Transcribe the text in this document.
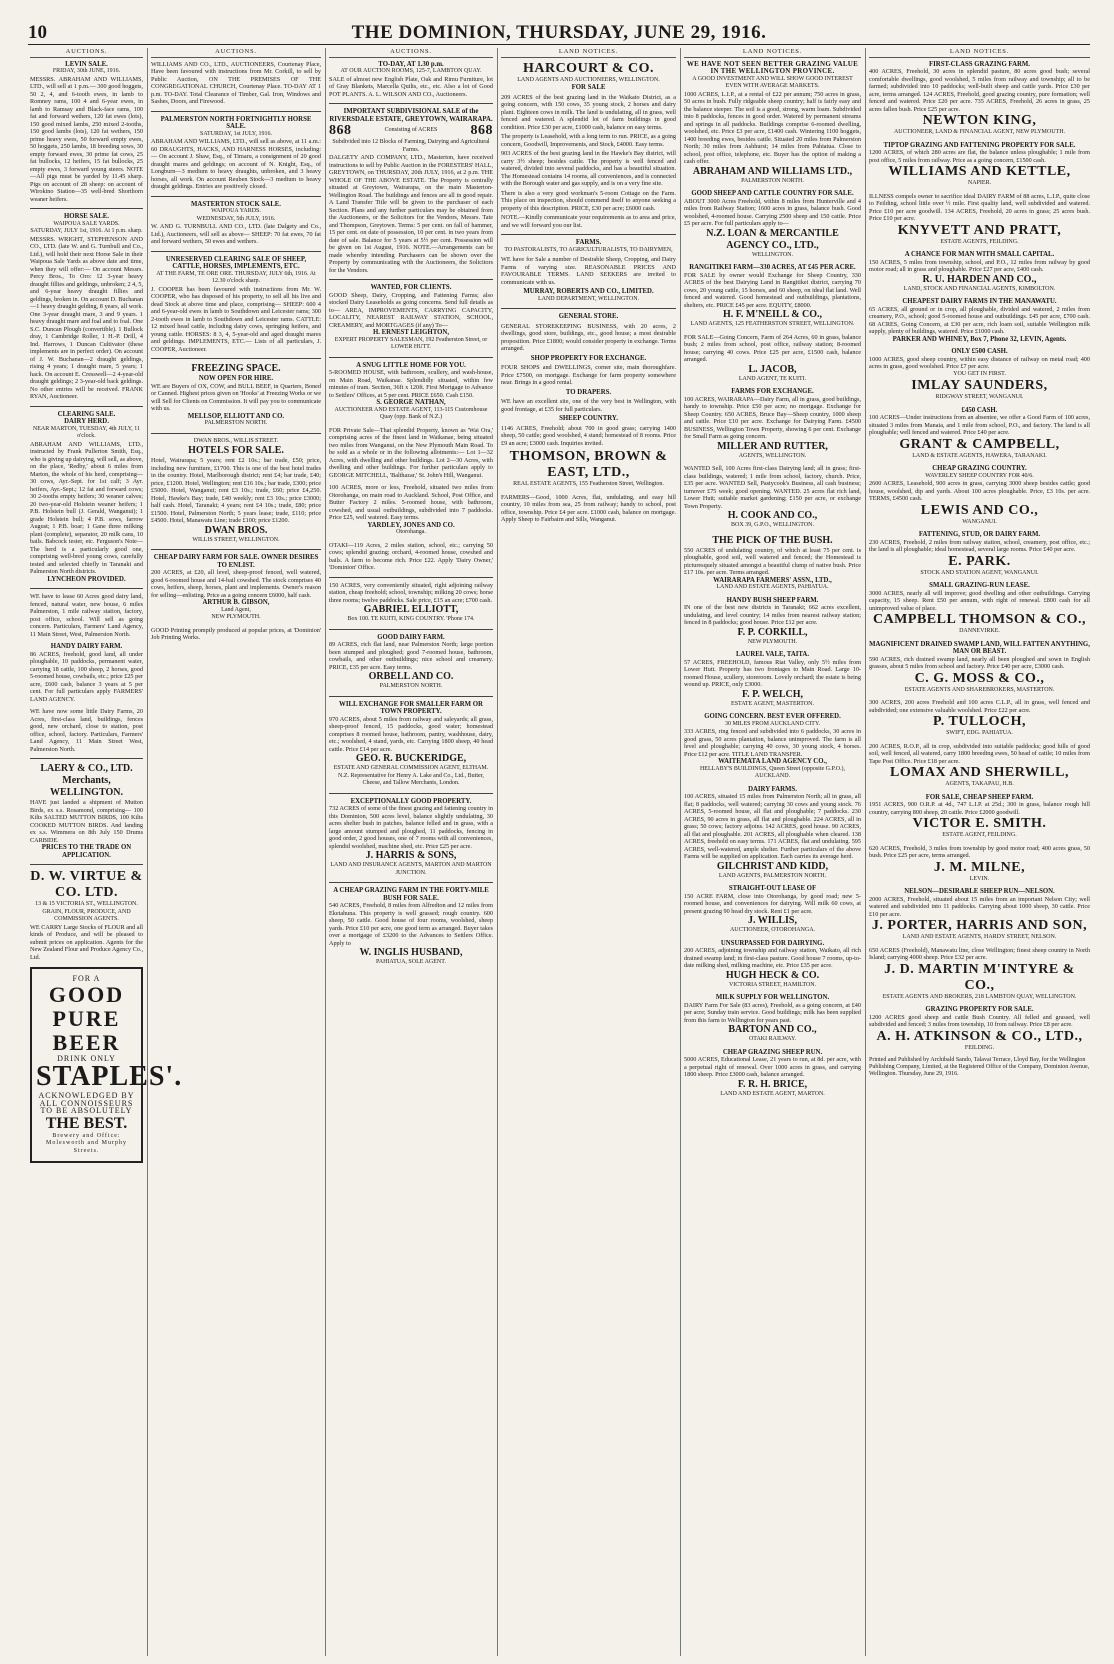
10	THE DOMINION, THURSDAY, JUNE 29, 1916.
AUCTIONS.
LEVIN SALE.
FRIDAY, 30th JUNE, 1916.
MESSRS. ABRAHAM AND WILLIAMS, LTD., will sell at 1 p.m.— 300 good hoggets, 50 2, 4, and 6-tooth ewes, in lamb to Romney rams, 100 4 and 6-year ewes, in lamb to Ramsay and Black-face rams, 100 fat and forward wethers, 120 fat ewes (lots), 150 good mixed lambs, 250 mixed 2-tooths, 150 good lambs (lots), 120 fat wethers, 150 prime heavy ewes, 50 forward empty ewes, 50 hoggets, 250 lambs, 18 breeding sows, 30 empty forward ewes, 30 prime fat cows, 25 fat bullocks, 12 heifers, 15 fat bullocks, 25 empty ewes, 3 forward young steers. NOTE—All pigs must be yarded by 11.45 sharp. Pigs on account of 28 sheep: on account of Wirokino Station—35 well-bred Shorthorn weaner heifers.
HORSE SALE.
WAIPOUA SALE YARDS.
SATURDAY, JULY 1st, 1916. At 1 p.m. sharp.
MESSRS. WRIGHT, STEPHENSON AND CO., LTD. (late W. and G. Turnbull and Co., Ltd.), will hold their next Horse Sale in their Waipoua Sale Yards as above date and time, when they will offer:— On account Messrs. Percy Bros., To Oro: 12 3-year heavy draught fillies and geldings, unbroken; 2 4, 5, and 6-year heavy draught fillies and geldings, broken in. On account D. Buchanan—1 heavy draught gelding, 8 years, all work. One 3-year draught mare, 3 and 9 years. 1 heavy draught mare and foal and to foal. One S.C. Duncan Plough (convertible). 1 Bullock dray, 1 Cambridge Roller, 1 H.-P. Drill, 4 Ind. Harrows, 1 Duncan Cultivator (these implements are in perfect order). On account of J. W. Buchanan—2 draught geldings, rising 4 years; 1 draught mare, 5 years; 1 hack. On account E. Cresswell—2 4-year-old draught geldings; 2 3-year-old back geldings. No other entries will be received. FRANK RYAN, Auctioneer.
CLEARING SALE.
DAIRY HERD.
NEAR MARTON, TUESDAY, 4th JULY, 11 o'clock.
ABRAHAM AND WILLIAMS, LTD., instructed by Frank Pullerton Smith, Esq., who is giving up dairying, will sell, as above, on the place, 'Redby,' about 6 miles from Marton, the whole of his herd, comprising— 30 cows, Ayr.-Sept. for 1st calf; 3 Ayr. heifers, Ayr.-Sept.; 12 fat and forward cows; 30 2-tooths empty heifers; 30 weaner calves; 20 two-year-old Holstein weaner heifers; 1 P.B. Holstein bull (J. Gerald, Wanganui); 1 grade Holstein bull; 4 P.B. sows, farrow August; 1 P.B. boar; 1 Gane three milking plant (complete), separator, 20 milk cans, 10 bails. Babcock tester, etc. Ferguson's Note—The herd is a particularly good one, comprising well-bred young cows, carefully tested and selected chiefly in Taranaki and Palmerston North districts.
LYNCHEON PROVIDED.
WE have to lease 60 Acres good dairy land, fenced, natural water, new house, 6 miles Palmerston, 1 mile railway station, factory, post office, school. Will sell as going concern. Particulars, Farmers' Land Agency, 11 Main Street, West, Palmerston North.
HANDY DAIRY FARM.
86 ACRES, freehold, good land, all under ploughable, 10 paddocks, permanent water, carrying 18 cattle, 100 sheep, 2 horses, good 5-roomed house, cowbails, etc.; price £25 per acre, £600 cash, balance 3 years at 5 per cent. For full particulars apply FARMERS' LAND AGENCY.
WE have now some little Dairy Farms, 20 Acres, first-class land, buildings, fences good, new orchard, close to station, post office, school, factory. Particulars, Farmers' Land Agency, 11 Main Street West, Palmerston North.
LAERY & CO., LTD.
Merchants,
WELLINGTON.
HAVE just landed a shipment of Mutton Birds, ex s.s. Rosamond, comprising— 100 Kilts SALTED MUTTON BIRDS, 100 Kilts COOKED MUTTON BIRDS. And landing ex s.s. Wimmera on 8th July 150 Drums CARBIDE.
PRICES TO THE TRADE ON APPLICATION.
D. W. VIRTUE & CO. LTD.
13 & 15 VICTORIA ST., WELLINGTON. GRAIN, FLOUR, PRODUCE, AND COMMISSION AGENTS.
WE CARRY Large Stocks of FLOUR and all kinds of Produce, and will be pleased to submit prices on application. Agents for the New Zealand Flour and Produce Agency Co., Ltd.
FOR A
GOOD PURE BEER
DRINK ONLY
STAPLES'.
ACKNOWLEDGED BY ALL CONNOISSEURS TO BE ABSOLUTELY
THE BEST.
Brewery and Office: Molesworth and Murphy Streets.
AUCTIONS.
WILLIAMS AND CO., LTD., AUCTIONEERS, Courtenay Place, Have been favoured with instructions from Mr. Corkill, to sell by Public Auction, ON THE PREMISES OF THE CONGREGATIONAL CHURCH, Courtenay Place. TO-DAY AT 1 p.m. TO-DAY. Total Clearance of Timber, Gal. Iron, Windows and Sashes, Doors, and Firewood.
PALMERSTON NORTH FORTNIGHTLY HORSE SALE.
SATURDAY, 1st JULY, 1916.
ABRAHAM AND WILLIAMS, LTD., will sell as above, at 11 a.m.: 60 DRAUGHTS, HACKS, AND HARNESS HORSES, including:— On account J. Shaw, Esq., of Timaru, a consignment of 20 good draught mares and geldings; on account of N. Knight, Esq., of Longburn—3 medium to heavy draughts, unbroken, and 3 heavy horses, all work. On account Reuben Stock—3 medium to heavy draught geldings. Entries are positively closed.
MASTERTON STOCK SALE.
WAIPOUA YARDS.
WEDNESDAY, 5th JULY, 1916.
W. AND G. TURNBULL AND CO., LTD. (late Dalgety and Co., Ltd.), Auctioneers, will sell as above— SHEEP: 70 fat ewes, 70 fat and forward wethers, 50 ewes and wethers.
UNRESERVED CLEARING SALE OF SHEEP, CATTLE, HORSES, IMPLEMENTS, ETC.
AT THE FARM, TE ORE ORE. THURSDAY, JULY 6th, 1916. At 12.30 o'clock sharp.
J. COOPER has been favoured with instructions from Mr. W. COOPER, who has disposed of his property, to sell all his live and dead Stock at above time and place, comprising— SHEEP: 600 4 and 6-year-old ewes in lamb to Southdown and Leicester rams; 300 2-tooth ewes in lamb to Southdown and Leicester rams. CATTLE: 12 mixed head cattle, including dairy cows, springing heifers, and young cattle. HORSES: 8 3, 4, 5-year-old and aged draught mares and geldings. IMPLEMENTS, ETC.— Lists of all particulars, J. COOPER, Auctioneer.
FREEZING SPACE.
NOW OPEN FOR HIRE.
WE are Buyers of OX, COW, and BULL BEEF, in Quarters, Boned or Canned. Highest prices given on 'Hooks' at Freezing Works or we will Sell for Clients on Commission. It will pay you to communicate with us.
MELLSOP, ELLIOTT AND CO.
PALMERSTON NORTH.
DWAN BROS., WILLIS STREET.
HOTELS FOR SALE.
Hotel, Wairarapa; 5 years; rent £2 10s.; bar trade, £50; price, including new furniture, £1700. This is one of the best hotel trades in the country. Hotel, Marlborough district; rent £4; bar trade, £40; price, £1200. Hotel, Wellington; rent £16 10s.; bar trade, £300; price £5000. Hotel, Wanganui; rent £3 10s.; trade, £60; price £4,250. Hotel, Hawke's Bay; trade, £40 weekly; rent £3 10s.; price £3000; half cash. Hotel, Taranaki; 4 years; rent £4 10s.; trade, £80; price £1500. Hotel, Palmerston North; 5 years lease; trade, £110; price £4500. Hotel, Manawatu Line; trade £100; price £1200.
DWAN BROS.
WILLIS STREET, WELLINGTON.
CHEAP DAIRY FARM FOR SALE. OWNER DESIRES TO ENLIST.
200 ACRES, at £20, all level, sheep-proof fenced, well watered, good 6-roomed house and 14-bail cowshed. The stock comprises 40 cows, heifers, sheep, horses, plant and implements. Owner's reason for selling—enlisting. Price as a going concern £6000, half cash.
ARTHUR B. GIBSON,
Land Agent,
NEW PLYMOUTH.
GOOD Printing promptly produced at popular prices, at 'Dominion' Job Printing Works.
AUCTIONS.
TO-DAY, AT 1.30 p.m.
AT OUR AUCTION ROOMS, 125-7, LAMBTON QUAY.
SALE of almost new English Plate, Oak and Rimu Furniture, lot of Gray Blankets, Marcella Quilts, etc., etc. Also a lot of Good POT PLANTS. A. L. WILSON AND CO., Auctioneers.
IMPORTANT SUBDIVISIONAL SALE of the RIVERSDALE ESTATE, GREYTOWN, WAIRARAPA.
868	Consisting of ACRES 868
Subdivided into 12 Blocks of Farming, Dairying and Agricultural Farms.
DALGETY AND COMPANY, LTD., Masterton, have received instructions to sell by Public Auction in the FORESTERS' HALL, GREYTOWN, on THURSDAY, 20th JULY, 1916, at 2 p.m. THE WHOLE OF THE ABOVE ESTATE. The Property is centrally situated at Greytown, Wairarapa, on the main Masterton-Wellington Road. The buildings and fences are all in good repair. A Land Transfer Title will be given to the purchaser of each Section. Plans and any further particulars may be obtained from the Auctioneers, or the Solicitors for the Vendors, Messrs. Tate and Thompson, Greytown. Terms: 5 per cent. on fall of hammer, 15 per cent. on date of possession, 10 per cent. in two years from date of sale. Balance for 5 years at 5½ per cent. Possession will be given on 1st August, 1916. NOTE.—Arrangements can be made whereby intending Purchasers can be shown over the Property by communicating with the Auctioneers, the Solicitors for the Vendors.
WANTED, FOR CLIENTS.
GOOD Sheep, Dairy, Cropping, and Fattening Farms; also stocked Dairy Leaseholds as going concerns. Send full details as to— AREA, IMPROVEMENTS, CARRYING CAPACITY, LOCALITY, NEAREST RAILWAY STATION, SCHOOL, CREAMERY, and MORTGAGES (if any) To—
H. ERNEST LEIGHTON,
EXPERT PROPERTY SALESMAN, 192 Featherston Street, or LOWER HUTT.
A SNUG LITTLE HOME FOR YOU.
5-ROOMED HOUSE, with bathroom, scullery, and wash-house, on Main Road, Waikanae. Splendidly situated, within few minutes of tram. Section, 36ft x 120ft. First Mortgage to Advance to Settlers' Offices, at 5 per cent. PRICE £650. Cash £150.
S. GEORGE NATHAN,
AUCTIONEER AND ESTATE AGENT, 113-115 Customhouse Quay (opp. Bank of N.Z.)
FOR Private Sale—That splendid Property, known as 'Wai Ora,' comprising acres of the finest land in Waikanae, being situated two miles from Wanganui, on the New Plymouth Main Road. To be sold as a whole or in the following allotments:— Lot 1—32 Acres, with dwelling and other buildings. Lot 2—30 Acres, with dwelling and other buildings. For further particulars apply to GEORGE MITCHELL, 'Balthazar,' St. John's Hill, Wanganui.
100 ACRES, more or less, Freehold, situated two miles from Otorohanga, on main road to Auckland. School, Post Office, and Butter Factory 2 miles. 5-roomed house, with bathroom, cowshed, and usual outbuildings, subdivided into 7 paddocks. Price £25, well watered. Easy terms.
YARDLEY, JONES AND CO.
Otorohanga.
OTAKI—119 Acres, 2 miles station, school, etc.; carrying 50 cows; splendid grazing; orchard, 4-roomed house, cowshed and bails. A farm to become rich. Price £22. Apply 'Dairy Owner,' 'Dominion' Office.
150 ACRES, very conveniently situated, right adjoining railway station, cheap freehold; school, township; milking 20 cows; horse three rooms; twelve paddocks. Sale price, £15 an acre; £700 cash.
GABRIEL ELLIOTT,
Box 100. TE KUITI, KING COUNTRY. 'Phone 174.
GOOD DAIRY FARM.
89 ACRES, rich flat land, near Palmerston North; large portion been stumped and ploughed; good 7-roomed house, bathroom, cowbails, and other outbuildings; nice school and creamery. PRICE, £35 per acre. Easy terms.
ORBELL AND CO.
PALMERSTON NORTH.
WILL EXCHANGE FOR SMALLER FARM OR TOWN PROPERTY.
970 ACRES, about 5 miles from railway and saleyards; all grass, sheep-proof fenced, 15 paddocks, good water; homestead comprises 8 roomed house, bathroom, pantry, washhouse, dairy, etc.; woolshed, 4 stand, yards, etc. Carrying 1800 sheep, 40 head cattle. Price £14 per acre.
GEO. R. BUCKERIDGE,
ESTATE AND GENERAL COMMISSION AGENT, ELTHAM. N.Z. Representative for Henry A. Lake and Co., Ltd., Butter, Cheese, and Tallow Merchants, London.
EXCEPTIONALLY GOOD PROPERTY.
732 ACRES of some of the finest grazing and fattening country in this Dominion, 500 acres level, balance slightly undulating, 30 acres shelter bush in patches, balance felled and in grass, with a large amount stumped and ploughed, 11 paddocks, fencing in good order, 2 good houses, one of 7 rooms with all conveniences, splendid woolshed, machine shed, etc. Price £25 per acre.
J. HARRIS & SONS,
LAND AND INSURANCE AGENTS, MARTON AND MARTON JUNCTION.
A CHEAP GRAZING FARM IN THE FORTY-MILE BUSH FOR SALE.
540 ACRES, Freehold, 8 miles from Alfredton and 12 miles from Eketahuna. This property is well grassed; rough country. 600 sheep, 50 cattle. Good house of four rooms, woolshed, sheep yards. Price £10 per acre, one good term as arranged. Buyer takes over a mortgage of £3200 to the Advances to Settlers Office. Apply to
W. INGLIS HUSBAND,
PAHIATUA, SOLE AGENT.
LAND NOTICES.
HARCOURT & CO.
LAND AGENTS AND AUCTIONEERS, WELLINGTON.
FOR SALE

209 ACRES of the best grazing land in the Waikato District, as a going concern, with 150 cows, 35 young stock, 2 horses and dairy plant. Eighteen cows in milk. The land is undulating, all in grass, well fenced and watered. A splendid lot of farm buildings in good condition. Price £30 per acre, £1000 cash, balance on easy terms.

The property is Leasehold, with a long term to run. PRICE, as a going concern, Goodwill, Improvements, and Stock, £4000. Easy terms.

903 ACRES of the best grazing land in the Hawke's Bay district, will carry 3½ sheep; besides cattle. The property is well fenced and watered, divided into several paddocks, and has a beautiful situation. The Homestead contains 14 rooms, all conveniences, and is connected with the Borough water and gas supply, and is on a very fine site.

There is also a very good workman's 5-room Cottage on the Farm. This place on inspection, should commend itself to anyone seeking a property of this description. PRICE, £30 per acre; £6000 cash.

NOTE.—Kindly communicate your requirements as to area and price, and we will forward you our list.

FARMS.
TO PASTORALISTS, TO AGRICULTURALISTS, TO DAIRYMEN,

WE have for Sale a number of Desirable Sheep, Cropping, and Dairy Farms of varying size. REASONABLE PRICES AND FAVOURABLE TERMS. LAND SEEKERS are invited to communicate with us.

MURRAY, ROBERTS AND CO., LIMITED.
LAND DEPARTMENT, WELLINGTON.
GENERAL STORE.

GENERAL STOREKEEPING BUSINESS, with 20 acres, 2 dwellings, good store, buildings, etc., good house; a most desirable proposition. Price £1800; would consider property in exchange. Terms arranged.

SHOP PROPERTY FOR EXCHANGE.

FOUR SHOPS and DWELLINGS, corner site, main thoroughfare. Price £7500, on mortgage. Exchange for farm property somewhere near. Brings in a good rental.

TO DRAPERS.

WE have an excellent site, one of the very best in Wellington, with good frontage, at £35 for full particulars.

SHEEP COUNTRY.

1146 ACRES, Freehold; about 700 in good grass; carrying 1400 sheep, 50 cattle; good woolshed, 4 stand; homestead of 8 rooms. Price £9 an acre; £3000 cash. Inquiries invited.

THOMSON, BROWN & EAST, LTD.,
REAL ESTATE AGENTS, 155 Featherston Street, Wellington.
FARMERS—Good, 1000 Acres, flat, undulating, and easy hill country, 10 miles from sea, 25 from railway; handy to school, post office, township. Price £4 per acre. £1000 cash, balance on mortgage. Apply Sheep to Fairbairn and Sills, Wanganui.
LAND NOTICES.
WE HAVE NOT SEEN BETTER GRAZING VALUE IN THE WELLINGTON PROVINCE.
A GOOD INVESTMENT AND WILL SHOW GOOD INTEREST EVEN WITH AVERAGE MARKETS.
1000 ACRES, L.I.P., at a rental of £22 per annum; 750 acres in grass, 50 acres in bush. Fully ridgeable sheep country; half is fairly easy and the balance steeper. The soil is a good, strong, warm loam. Subdivided into 8 paddocks, fences in good order. Watered by permanent streams and springs in all paddocks. Buildings comprise 6-roomed dwelling, woolshed, etc. Price £3 per acre, £1400 cash. Wintering 1100 hoggets, 1400 breeding ewes, besides cattle. Situated 20 miles from Palmerston North; 30 miles from Ashhurst; 14 miles from Pahiatua. Close to school, post office, telephone, etc. Buyer has the option of making a cash offer.
ABRAHAM AND WILLIAMS LTD.,
PALMERSTON NORTH.
GOOD SHEEP AND CATTLE COUNTRY FOR SALE.
ABOUT 3000 Acres Freehold, within 8 miles from Hunterville and 4 miles from Railway Station; 1600 acres in grass, balance bush. Good woolshed, 4-roomed house. Carrying 2500 sheep and 150 cattle. Price £5 per acre. For full particulars apply to—
N.Z. LOAN & MERCANTILE AGENCY CO., LTD.,
WELLINGTON.
RANGITIKEI FARM—330 ACRES, AT £45 PER ACRE.
FOR SALE by owner would Exchange for Sheep Country, 330 ACRES of the best Dairying Land in Rangitikei district, carrying 70 cows, 20 young cattle, 15 horses, and 60 sheep, on ideal flat land. Well fenced and watered. Good homestead and outbuildings, plantations, shelters, etc. PRICE £45 per acre. EQUITY, £8000.
H. F. M'NEILL & CO.,
LAND AGENTS, 125 FEATHERSTON STREET, WELLINGTON.
FOR SALE—Going Concern, Farm of 264 Acres, 60 in grass, balance bush; 2 miles from school, post office, railway station; 8-roomed house; carrying 40 cows. Price £25 per acre, £1500 cash, balance arranged.
L. JACOB,
LAND AGENT, TE KUITI.
FARMS FOR EXCHANGE.
100 ACRES, WAIRARAPA—Dairy Farm, all in grass, good buildings, handy to township. Price £50 per acre; no mortgage. Exchange for Sheep Country. 650 ACRES, Bruce Bay—Sheep country, 1000 sheep and cattle. Price £10 per acre. Exchange for Dairying Farm. £4500 BUSINESS, Wellington Town Property, showing 6 per cent. Exchange for Small Farm as going concern.
MILLER AND RUTTER,
AGENTS, WELLINGTON.
WANTED Sell, 100 Acres first-class Dairying land; all in grass; first-class buildings, watered; 1 mile from school, factory, church. Price, £35 per acre. WANTED Sell, Pastycook's Business, all cash business; turnover £75 week; good opening. WANTED. 25 acres flat rich land, Lower Hutt; suitable market gardening; £150 per acre, or exchange Town Property.
H. COOK AND CO.,
BOX 39, G.P.O., WELLINGTON.
THE PICK OF THE BUSH.
550 ACRES of undulating country, of which at least 75 per cent. is ploughable, good soil, well watered and fenced; the Homestead is picturesquely situated amongst a beautiful clump of native bush. Price £17 10s. per acre. Terms arranged.
WAIRARAPA FARMERS' ASSN., LTD.,
LAND AND ESTATE AGENTS, PAHIATUA.
HANDY BUSH SHEEP FARM.
IN one of the best new districts in Taranaki; 662 acres excellent, undulating, and level country; 14 miles from nearest railway station; fenced in 8 paddocks; good house. Price £12 per acre.
F. P. CORKILL,
NEW PLYMOUTH.
LAUREL VALE, TAITA.
57 ACRES, FREEHOLD, famous Riat Valley, only 5½ miles from Lower Hutt. Property has two frontages to Main Road. Large 10-roomed House, scullery, storeroom. Lovely orchard; the estate is being wound up. PRICE, only £3000.
F. P. WELCH,
ESTATE AGENT, MASTERTON.
GOING CONCERN. BEST EVER OFFERED.
30 MILES FROM AUCKLAND CITY.
333 ACRES, ring fenced and subdivided into 6 paddocks, 30 acres in good grass, 50 acres plantation, balance unimproved. The farm is all level and ploughable; carrying 40 cows, 30 young stock, 4 horses. Price £12 per acre. TITLE LAND TRANSFER.
WAITEMATA LAND AGENCY CO.,
HELLABY'S BUILDINGS, Queen Street (opposite G.P.O.), AUCKLAND.
DAIRY FARMS.
100 ACRES, situated 15 miles from Palmerston North; all in grass, all flat; 8 paddocks, well watered; carrying 30 cows and young stock. 76 ACRES, 5-roomed house, all flat and ploughable; 7 paddocks. 230 ACRES, 90 acres in grass, all flat and ploughable. 224 ACRES, all in grass; 50 cows; factory adjoins. 142 ACRES, good house. 90 ACRES, all flat and ploughable. 201 ACRES, all ploughable when cleared. 138 ACRES, freehold on easy terms. 171 ACRES, flat and undulating. 595 ACRES, well-watered, ample shelter. Further particulars of the above Farms will be supplied on application. Each carries its average herd.
GILCHRIST AND KIDD,
LAND AGENTS, PALMERSTON NORTH.
STRAIGHT-OUT LEASE OF
150 ACRE FARM, close into Otorohanga, by good road; new 5-roomed house, and conveniences for dairying. Will milk 60 cows, at present grazing 90 head dry stock. Rent £1 per acre.
J. WILLIS,
AUCTIONEER, OTOROHANGA.
UNSURPASSED FOR DAIRYING.
200 ACRES, adjoining township and railway station, Waikato, all rich drained swamp land; in first-class pasture. Good house 7 rooms, up-to-date milking shed, milking machine, etc. Price £35 per acre.
HUGH HECK & CO.
VICTORIA STREET, HAMILTON.
MILK SUPPLY FOR WELLINGTON.
DAIRY Farm For Sale (83 acres), Freehold, as a going concern, at £40 per acre; Sunday train service. Good buildings; milk has been supplied from this farm to Wellington for years past.
BARTON AND CO.,
OTAKI RAILWAY.
CHEAP GRAZING SHEEP RUN.
5000 ACRES, Educational Lease, 21 years to run, at 8d. per acre, with a perpetual right of renewal. Over 1000 acres in grass, and carrying 1800 sheep. Price £3000 cash, balance arranged.
F. R. H. BRICE,
LAND AND ESTATE AGENT, MARTON.
LAND NOTICES.
FIRST-CLASS GRAZING FARM.
400 ACRES, Freehold, 30 acres in splendid pasture, 80 acres good bush; several comfortable dwellings, good woolshed, 5 miles from railway and township; all to be farmed; subdivided into 10 paddocks; well-built sheep and cattle yards. Price £30 per acre, terms arranged. 124 ACRES, Freehold, good grazing country, pure formation; well fenced and watered. Price £20 per acre. 735 ACRES, Freehold, 26 acres in grass, 25 acres fallen bush. Price £25 per acre.
NEWTON KING,
AUCTIONEER, LAND & FINANCIAL AGENT, NEW PLYMOUTH.
TIPTOP GRAZING AND FATTENING PROPERTY FOR SALE.
1200 ACRES, of which 280 acres are flat, the balance unless ploughable; 1 mile from post office, 5 miles from railway. Price as a going concern, £1500 cash.
WILLIAMS AND KETTLE,
NAPIER.
ILLNESS compels owner to sacrifice ideal DAIRY FARM of 88 acres, L.I.P., quite close to Feilding, school little over ½ mile. First quality land, well subdivided and watered. Price £10 per acre goodwill. 134 ACRES, Freehold, 20 acres in grass; 25 acres bush. Price £10 per acre.
KNYVETT AND PRATT,
ESTATE AGENTS, FEILDING.
A CHANCE FOR MAN WITH SMALL CAPITAL.
150 ACRES, 5 miles from township, school, and P.O., 12 miles from railway by good motor road; all in grass and ploughable. Price £27 per acre, £400 cash.
R. U. HARDEN AND CO.,
LAND, STOCK AND FINANCIAL AGENTS, KIMBOLTON.
CHEAPEST DAIRY FARMS IN THE MANAWATU.
65 ACRES, all ground or in crop, all ploughable, divided and watered, 2 miles from creamery, P.O., school; good 5-roomed house and outbuildings. £45 per acre, £700 cash. 68 ACRES, Going Concern, at £30 per acre, rich loam soil, suitable Wellington milk supply, plenty of buildings, watered. Price £1000 cash.
PARKER AND WHINEY, Box 7, Phone 32, LEVIN, Agents.
ONLY £500 CASH.
1000 ACRES, good sheep country, within easy distance of railway on metal road; 400 acres in grass, good woolshed. Price £7 per acre.
YOU GET IN FIRST.
IMLAY SAUNDERS,
RIDGWAY STREET, WANGANUI.
£450 CASH.
100 ACRES—Under instructions from an absentee, we offer a Good Farm of 100 acres, situated 3 miles from Manaia, and 1 mile from school, P.O., and factory. The land is all ploughable; well fenced and watered. Price £40 per acre.
GRANT & CAMPBELL,
LAND & ESTATE AGENTS, HAWERA, TARANAKI.
CHEAP GRAZING COUNTRY.
WAVERLEY SHEEP COUNTRY FOR 40/6.
2600 ACRES, Leasehold, 900 acres in grass, carrying 3000 sheep besides cattle; good house, woolshed, dip and yards. About 100 acres ploughable. Price, £3 10s. per acre. TERMS, £4500 cash.
LEWIS AND CO.,
WANGANUI.
FATTENING, STUD, OR DAIRY FARM.
230 ACRES, Freehold, 2 miles from railway station, school, creamery, post office, etc.; the land is all ploughable; ideal homestead, several large rooms. Price £40 per acre.
E. PARK.
STOCK AND STATION AGENT, WANGANUI.
SMALL GRAZING-RUN LEASE.
3000 ACRES, nearly all will improve; good dwelling and other outbuildings. Carrying capacity, 15 sheep. Rent £50 per annum, with right of renewal. £800 cash for all unimproved value of place.
CAMPBELL THOMSON & CO.,
DANNEVIRKE.
MAGNIFICENT DRAINED SWAMP LAND, WILL FATTEN ANYTHING, MAN OR BEAST.
590 ACRES, rich drained swamp land, nearly all been ploughed and sown in English grasses, about 5 miles from school and factory. Price £40 per acre, £3000 cash.
C. G. MOSS & CO.,
ESTATE AGENTS AND SHAREBROKERS, MASTERTON.
300 ACRES, 200 acres Freehold and 100 acres C.L.P., all in grass, well fenced and subdivided; one extensive valuable woolshed. Price £22 per acre.
P. TULLOCH,
SWIFT, EDG. PAHIATUA.
200 ACRES, R.O.P., all in crop, subdivided into suitable paddocks; good hills of good soil, well fenced, all watered, carry 1800 breeding ewes, 50 head of cattle; 10 miles from Tape Post Office. Price £18 per acre.
LOMAX AND SHERWILL,
AGENTS, TAKAPAU, H.B.
FOR SALE, CHEAP SHEEP FARM.
1951 ACRES, 900 O.R.P. at 4d., 747 L.I.P. at 25d.; 300 in grass, balance rough hill country, carrying 800 sheep, 20 cattle. Price £2000 goodwill.
VICTOR E. SMITH.
ESTATE AGENT, FEILDING.
620 ACRES, Freehold, 3 miles from township by good motor road; 400 acres grass, 50 bush. Price £25 per acre, terms arranged.
J. M. MILNE,
LEVIN.
NELSON—DESIRABLE SHEEP RUN—NELSON.
2000 ACRES, Freehold, situated about 15 miles from an important Nelson City; well watered and subdivided into 11 paddocks. Carrying about 1000 sheep, 30 cattle. Price £10 per acre.
J. PORTER, HARRIS AND SON,
LAND AND ESTATE AGENTS, HARDY STREET, NELSON.
650 ACRES (Freehold), Manawatu line, close Wellington; finest sheep country in North Island; carrying 4000 sheep. Price £32 per acre.
J. D. MARTIN M'INTYRE & CO.,
ESTATE AGENTS AND BROKERS, 218 LAMBTON QUAY, WELLINGTON.
GRAZING PROPERTY FOR SALE.
1200 ACRES good sheep and cattle Bush Country. All felled and grassed, well subdivided and fenced; 3 miles from township, 10 from railway. Price £8 per acre.
A. H. ATKINSON & CO., LTD.,
FEILDING.
Printed and Published by Archibald Sando, Talavai Terrace, Lloyd Bay, for the Wellington Publishing Company, Limited, at the Registered Office of the Company, Dominion Avenue, Wellington. Thursday, June 29, 1916.
